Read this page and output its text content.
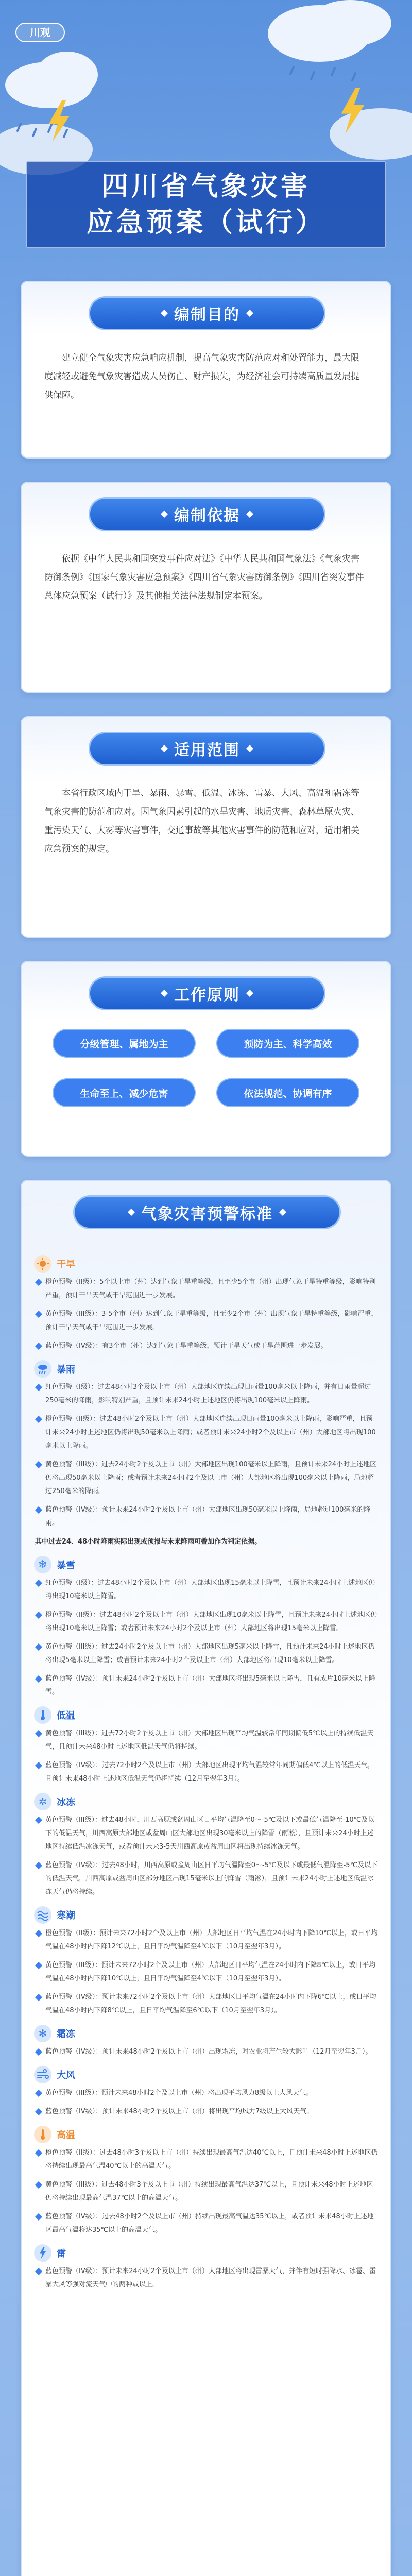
川观
四川省气象灾害
应急预案（试行）
编制目的

建立健全气象灾害应急响应机制，提高气象灾害防范应对和处置能力，最大限度减轻或避免气象灾害造成人员伤亡、财产损失，为经济社会可持续高质量发展提供保障。

编制依据

依据《中华人民共和国突发事件应对法》《中华人民共和国气象法》《气象灾害防御条例》《国家气象灾害应急预案》《四川省气象灾害防御条例》《四川省突发事件总体应急预案（试行）》及其他相关法律法规制定本预案。

适用范围

本省行政区域内干旱、暴雨、暴雪、低温、冰冻、雷暴、大风、高温和霜冻等气象灾害的防范和应对。因气象因素引起的水旱灾害、地质灾害、森林草原火灾、重污染天气、大雾等灾害事件，交通事故等其他灾害事件的防范和应对，适用相关应急预案的规定。

工作原则
分级管理、属地为主	预防为主、科学高效
生命至上、减少危害	依法规范、协调有序
气象灾害预警标准
干旱

橙色预警（II级）：5个以上市（州）达到气象干旱重等级，且至少5个市（州）出现气象干旱特重等级，影响特别严重，预计干旱天气或干旱范围进一步发展。

黄色预警（III级）：3-5个市（州）达到气象干旱重等级，且至少2个市（州）出现气象干旱特重等级，影响严重，预计干旱天气或干旱范围进一步发展。

蓝色预警（IV级）：有3个市（州）达到气象干旱重等级，预计干旱天气或干旱范围进一步发展。

暴雨

红色预警（I级）：过去48小时3个及以上市（州）大部地区连续出现日雨量100毫米以上降雨，并有日雨量超过250毫米的降雨，影响特别严重，且预计未来24小时上述地区仍将出现100毫米以上降雨。

橙色预警（II级）：过去48小时2个及以上市（州）大部地区连续出现日雨量100毫米以上降雨，影响严重，且预计未来24小时上述地区仍将出现50毫米以上降雨；或者预计未来24小时2个及以上市（州）大部地区将出现100毫米以上降雨。

黄色预警（III级）：过去24小时2个及以上市（州）大部地区出现100毫米以上降雨，且预计未来24小时上述地区仍将出现50毫米以上降雨；或者预计未来24小时2个及以上市（州）大部地区将出现100毫米以上降雨，局地超过250毫米的降雨。

蓝色预警（IV级）：预计未来24小时2个及以上市（州）大部地区出现50毫米以上降雨，局地超过100毫米的降雨。

其中过去24、48小时降雨实际出现或预报与未来降雨可叠加作为判定依据。

❄ 暴雪

红色预警（I级）：过去48小时2个及以上市（州）大部地区出现15毫米以上降雪，且预计未来24小时上述地区仍将出现10毫米以上降雪。

橙色预警（II级）：过去48小时2个及以上市（州）大部地区出现10毫米以上降雪，且预计未来24小时上述地区仍将出现10毫米以上降雪；或者预计未来24小时2个及以上市（州）大部地区将出现15毫米以上降雪。

黄色预警（III级）：过去24小时2个及以上市（州）大部地区出现5毫米以上降雪，且预计未来24小时上述地区仍将出现5毫米以上降雪；或者预计未来24小时2个及以上市（州）大部地区将出现10毫米以上降雪。

蓝色预警（IV级）：预计未来24小时2个及以上市（州）大部地区将出现5毫米以上降雪，且有成片10毫米以上降雪。

低温

黄色预警（III级）：过去72小时2个及以上市（州）大部地区出现平均气温较常年同期偏低5℃以上的持续低温天气，且预计未来48小时上述地区低温天气仍将持续。

蓝色预警（IV级）：过去72小时2个及以上市（州）大部地区出现平均气温较常年同期偏低4℃以上的低温天气，且预计未来48小时上述地区低温天气仍将持续（12月至翌年3月）。

✲	冰冻

黄色预警（III级）：过去48小时，川西高原或盆周山区日平均气温降至0～-5℃及以下或最低气温降至-10℃及以下的低温天气，川西高原大部地区或盆周山区大部地区出现30毫米以上的降雪（雨凇），且预计未来24小时上述地区持续低温冰冻天气，或者预计未来3-5天川西高原或盆周山区将出现持续冰冻天气。

蓝色预警（IV级）：过去48小时，川西高原或盆周山区日平均气温降至0～-5℃及以下或最低气温降至-5℃及以下的低温天气，川西高原或盆周山区部分地区出现15毫米以上的降雪（雨凇），且预计未来24小时上述地区低温冰冻天气仍将持续。

寒潮

橙色预警（II级）：预计未来72小时2个及以上市（州）大部地区日平均气温在24小时内下降10℃以上，或日平均气温在48小时内下降12℃以上，且日平均气温降至4℃以下（10月至翌年3月）。

黄色预警（III级）：预计未来72小时2个及以上市（州）大部地区日平均气温在24小时内下降8℃以上，或日平均气温在48小时内下降10℃以上，且日平均气温降至4℃以下（10月至翌年3月）。

蓝色预警（IV级）：预计未来72小时2个及以上市（州）大部地区日平均气温在24小时内下降6℃以上，或日平均气温在48小时内下降8℃以上，且日平均气温降至6℃以下（10月至翌年3月）。

✻	霜冻

蓝色预警（IV级）：预计未来48小时2个及以上市（州）出现霜冻，对农业将产生较大影响（12月至翌年3月）。

大风

黄色预警（III级）：预计未来48小时2个及以上市（州）将出现平均风力8级以上大风天气。

蓝色预警（IV级）：预计未来48小时2个及以上市（州）将出现平均风力7级以上大风天气。

高温

橙色预警（II级）：过去48小时3个及以上市（州）持续出现最高气温达40℃以上，且预计未来48小时上述地区仍将持续出现最高气温40℃以上的高温天气。

黄色预警（III级）：过去48小时3个及以上市（州）持续出现最高气温达37℃以上，且预计未来48小时上述地区仍将持续出现最高气温37℃以上的高温天气。

蓝色预警（IV级）：过去48小时2个及以上市（州）持续出现最高气温达35℃以上，或者预计未来48小时上述地区最高气温将达35℃以上的高温天气。

雷

蓝色预警（IV级）：预计未来24小时2个及以上市（州）大部地区将出现雷暴天气，并伴有短时强降水、冰雹、雷暴大风等强对流天气中的两种或以上。
